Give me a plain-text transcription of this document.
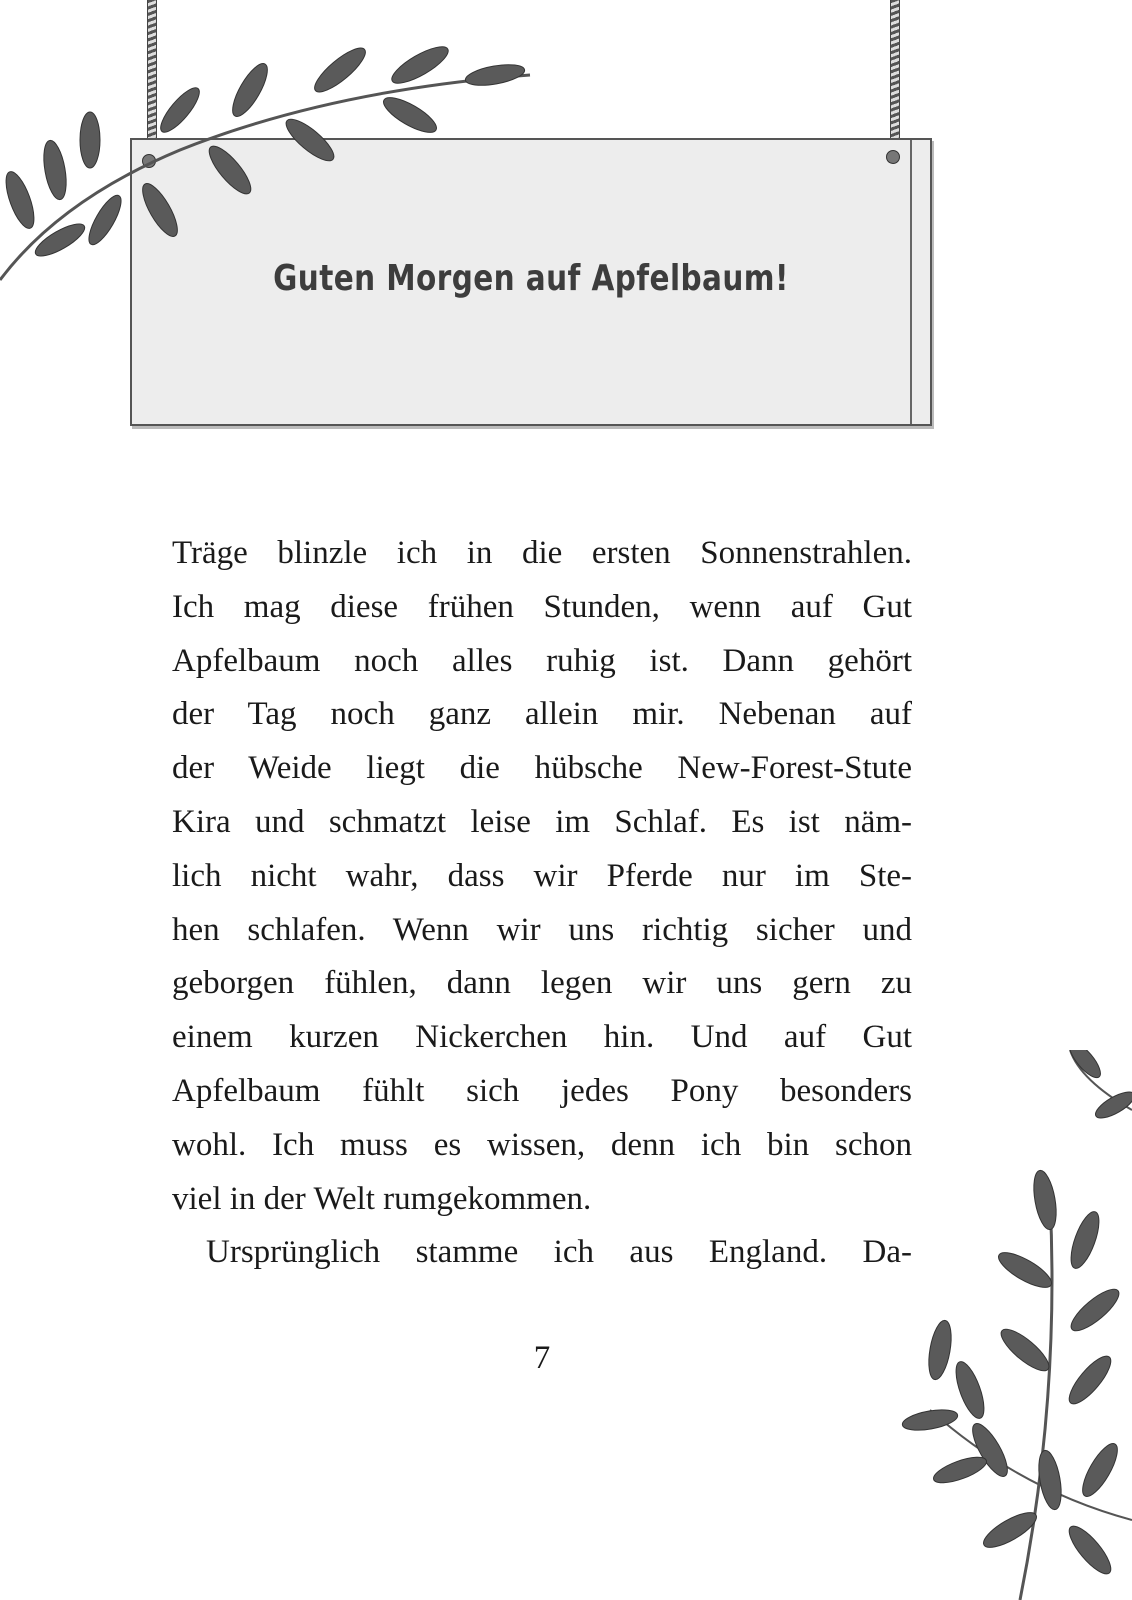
Guten Morgen auf Apfelbaum!
Träge blinzle ich in die ersten Sonnenstrahlen.
Ich mag diese frühen Stunden, wenn auf Gut
Apfelbaum noch alles ruhig ist. Dann gehört
der Tag noch ganz allein mir. Nebenan auf
der Weide liegt die hübsche New-Forest-Stute
Kira und schmatzt leise im Schlaf. Es ist näm-
lich nicht wahr, dass wir Pferde nur im Ste-
hen schlafen. Wenn wir uns richtig sicher und
geborgen fühlen, dann legen wir uns gern zu
einem kurzen Nickerchen hin. Und auf Gut
Apfelbaum fühlt sich jedes Pony besonders
wohl. Ich muss es wissen, denn ich bin schon
viel in der Welt rumgekommen.
Ursprünglich stamme ich aus England. Da-
7
